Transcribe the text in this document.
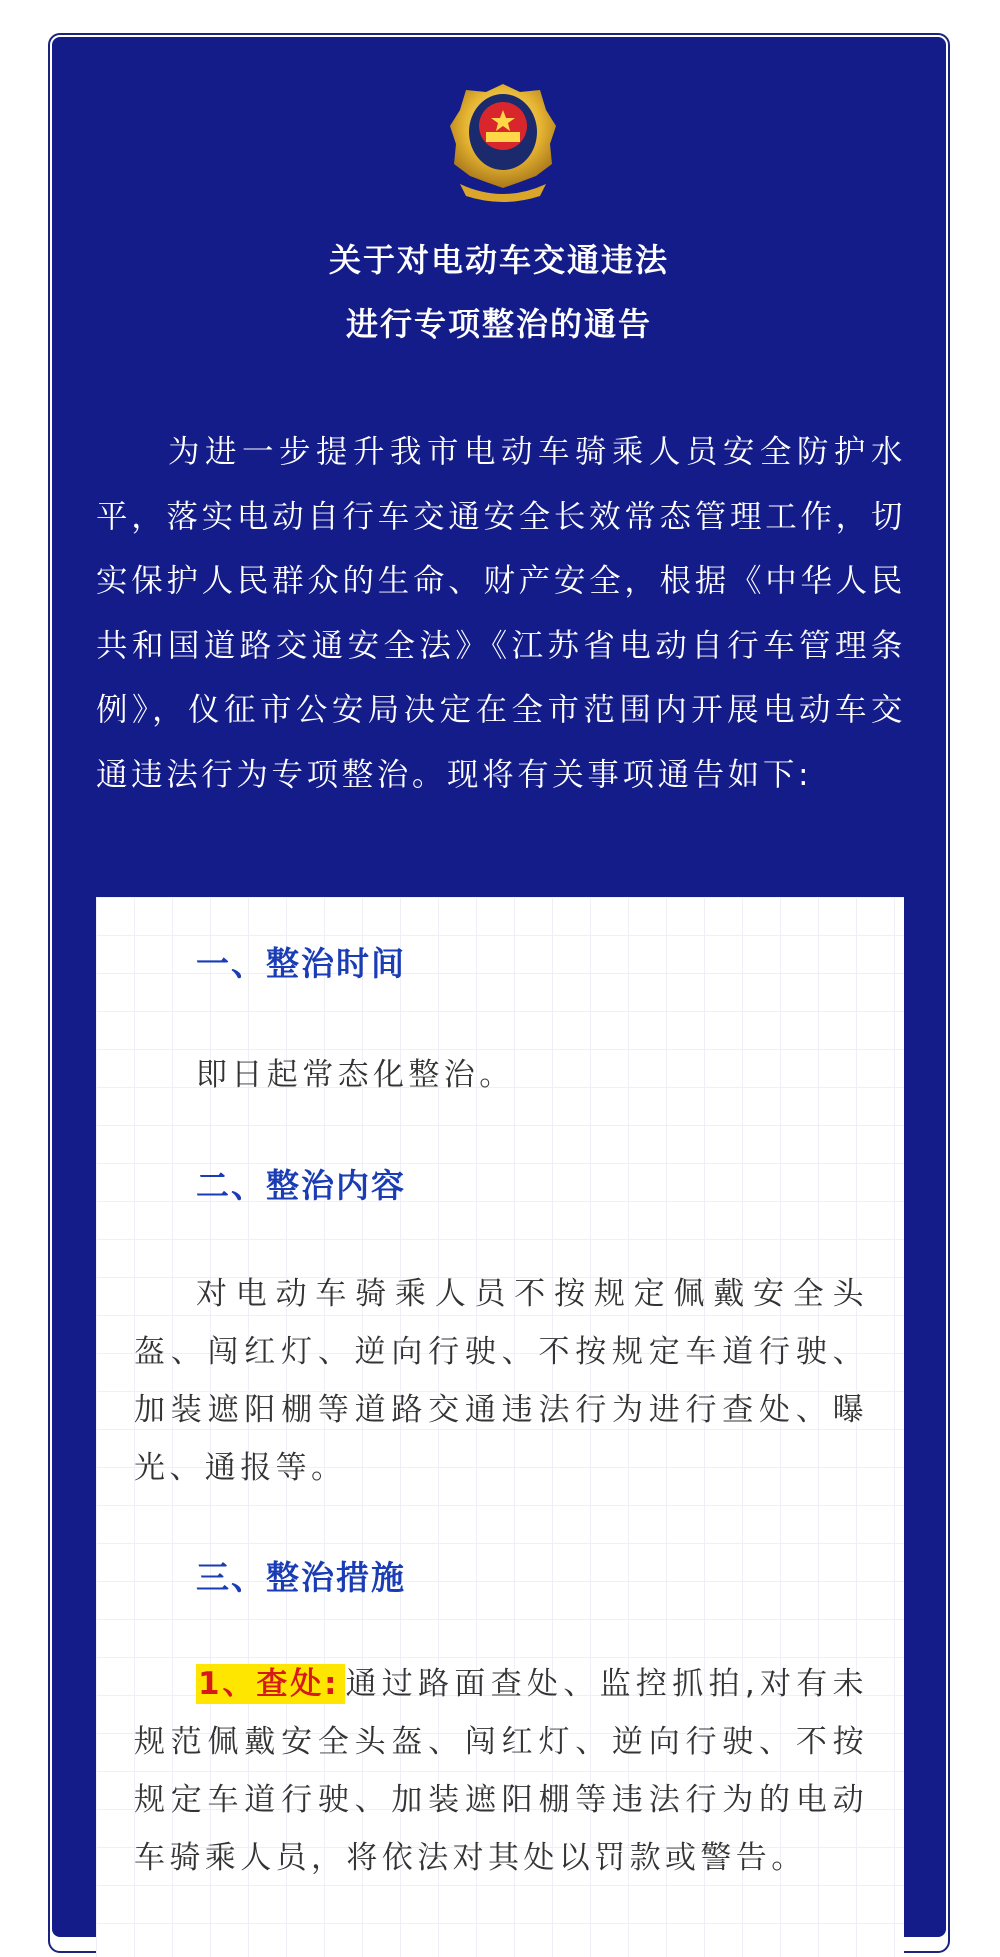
关于对电动车交通违法
进行专项整治的通告
为进一步提升我市电动车骑乘人员安全防护水平，落实电动自行车交通安全长效常态管理工作，切实保护人民群众的生命、财产安全，根据《中华人民共和国道路交通安全法》《江苏省电动自行车管理条例》，仪征市公安局决定在全市范围内开展电动车交通违法行为专项整治。现将有关事项通告如下:
一、整治时间
即日起常态化整治。
二、整治内容
对电动车骑乘人员不按规定佩戴安全头盔、闯红灯、逆向行驶、不按规定车道行驶、加装遮阳棚等道路交通违法行为进行查处、曝光、通报等。
三、整治措施
1、查处: 通过路面查处、监控抓拍,对有未规范佩戴安全头盔、闯红灯、逆向行驶、不按规定车道行驶、加装遮阳棚等违法行为的电动车骑乘人员，将依法对其处以罚款或警告。
